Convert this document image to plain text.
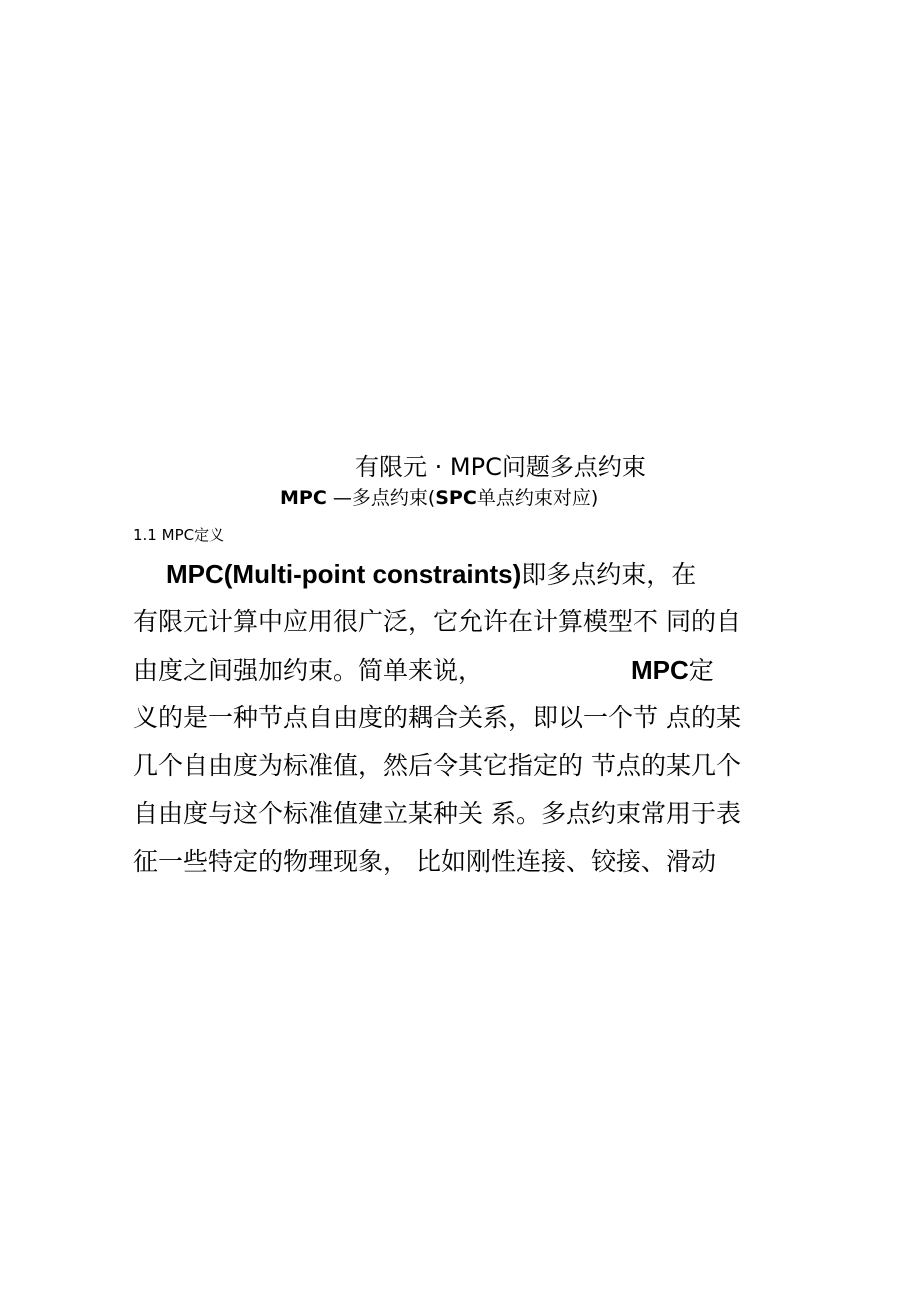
有限元 · MPC问题多点约束
MPC —多点约束(SPC单点约束对应)
1.1 MPC定义
MPC(Multi-point constraints)即多点约束，在
有限元计算中应用很广泛，它允许在计算模型不 同的自
由度之间强加约束。简单来说，	MPC定
义的是一种节点自由度的耦合关系，即以一个节 点的某
几个自由度为标准值，然后令其它指定的 节点的某几个
自由度与这个标准值建立某种关 系。多点约束常用于表
征一些特定的物理现象， 比如刚性连接、铰接、滑动
